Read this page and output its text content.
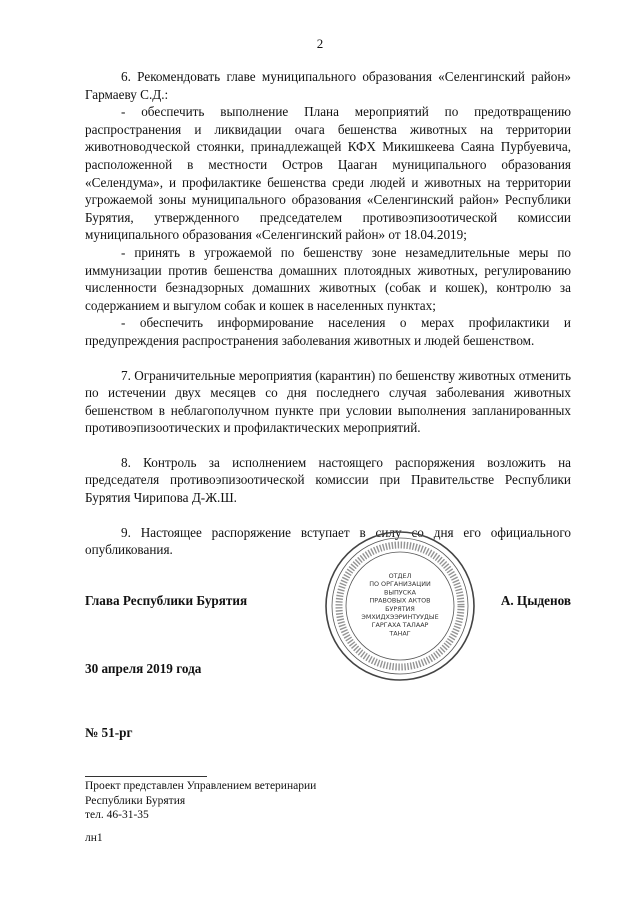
2

6. Рекомендовать главе муниципального образования «Селенгинский район» Гармаеву С.Д.:

- обеспечить выполнение Плана мероприятий по предотвращению распространения и ликвидации очага бешенства животных на территории животноводческой стоянки, принадлежащей КФХ Микишкеева Саяна Пурбуевича, расположенной в местности Остров Цааган муниципального образования «Селендума», и профилактике бешенства среди людей и животных на территории угрожаемой зоны муниципального образования «Селенгинский район» Республики Бурятия, утвержденного председателем противоэпизоотической комиссии муниципального образования «Селенгинский район» от 18.04.2019;

- принять в угрожаемой по бешенству зоне незамедлительные меры по иммунизации против бешенства домашних плотоядных животных, регулированию численности безнадзорных домашних животных (собак и кошек), контролю за содержанием и выгулом собак и кошек в населенных пунктах;

- обеспечить информирование населения о мерах профилактики и предупреждения распространения заболевания животных и людей бешенством.

7. Ограничительные мероприятия (карантин) по бешенству животных отменить по истечении двух месяцев со дня последнего случая заболевания животных бешенством в неблагополучном пункте при условии выполнения запланированных противоэпизоотических и профилактических мероприятий.

8. Контроль за исполнением настоящего распоряжения возложить на председателя противоэпизоотической комиссии при Правительстве Республики Бурятия Чирипова Д-Ж.Ш.

9. Настоящее распоряжение вступает в силу со дня его официального опубликования.

Глава Республики Бурятия	А. Цыденов
ОТДЕЛ
ПО ОРГАНИЗАЦИИ
ВЫПУСКА
ПРАВОВЫХ АКТОВ
БУРЯТИЯ
ЭМХИДХЭЭРИНТУУДЫЕ
ГАРГАХА ТАЛААР
ТАНАГ
30 апреля 2019 года
№ 51-рг
Проект представлен Управлением ветеринарии
Республики Бурятия
тел. 46-31-35
лн1
